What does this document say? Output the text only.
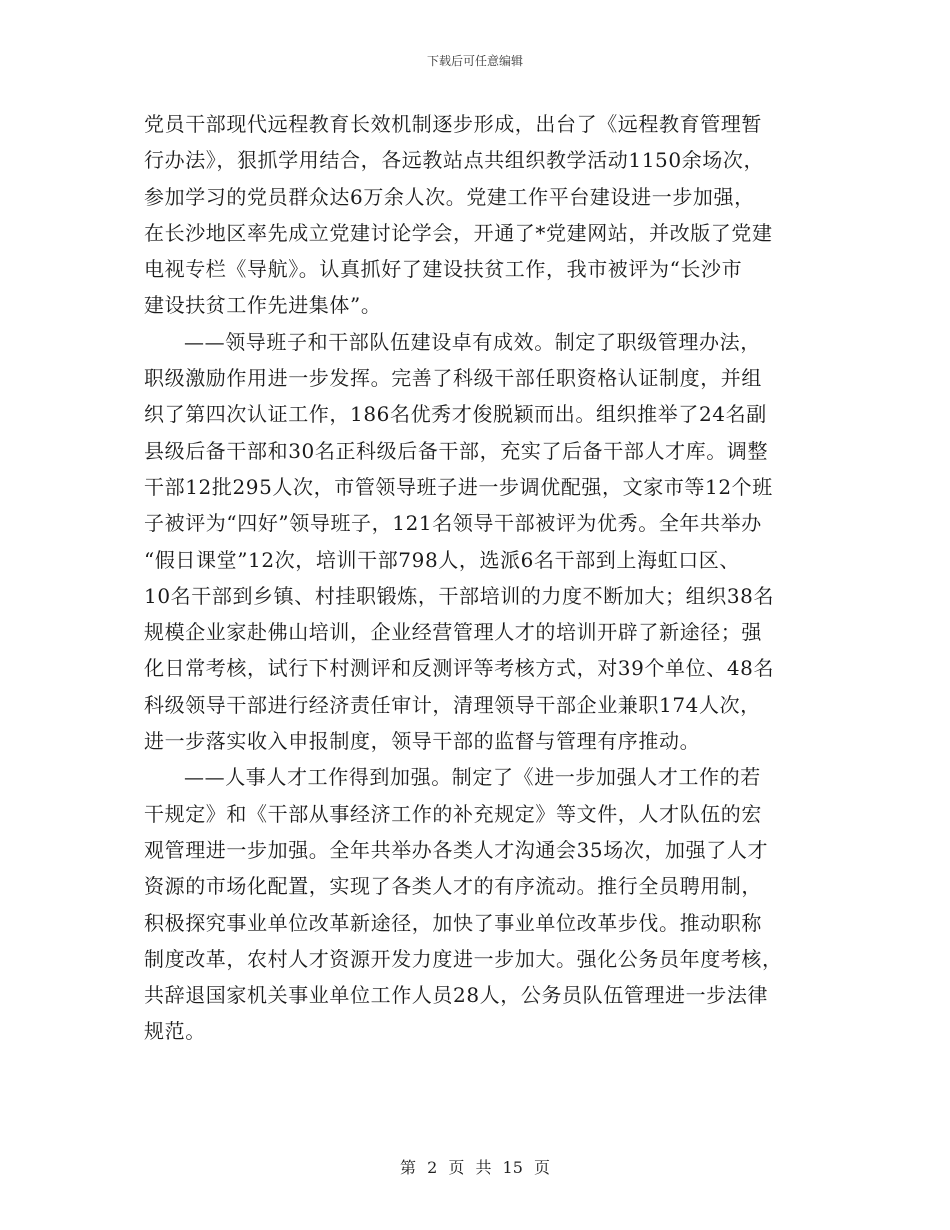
下载后可任意编辑
党员干部现代远程教育长效机制逐步形成，出台了《远程教育管理暂
行办法》，狠抓学用结合，各远教站点共组织教学活动1150余场次，
参加学习的党员群众达6万余人次。党建工作平台建设进一步加强，
在长沙地区率先成立党建讨论学会，开通了*党建网站，并改版了党建
电视专栏《导航》。认真抓好了建设扶贫工作，我市被评为“长沙市
建设扶贫工作先进集体”。
——领导班子和干部队伍建设卓有成效。制定了职级管理办法，
职级激励作用进一步发挥。完善了科级干部任职资格认证制度，并组
织了第四次认证工作，186名优秀才俊脱颖而出。组织推举了24名副
县级后备干部和30名正科级后备干部，充实了后备干部人才库。调整
干部12批295人次，市管领导班子进一步调优配强，文家市等12个班
子被评为“四好”领导班子，121名领导干部被评为优秀。全年共举办
“假日课堂”12次，培训干部798人，选派6名干部到上海虹口区、
10名干部到乡镇、村挂职锻炼，干部培训的力度不断加大；组织38名
规模企业家赴佛山培训，企业经营管理人才的培训开辟了新途径；强
化日常考核，试行下村测评和反测评等考核方式，对39个单位、48名
科级领导干部进行经济责任审计，清理领导干部企业兼职174人次，
进一步落实收入申报制度，领导干部的监督与管理有序推动。
——人事人才工作得到加强。制定了《进一步加强人才工作的若
干规定》和《干部从事经济工作的补充规定》等文件，人才队伍的宏
观管理进一步加强。全年共举办各类人才沟通会35场次，加强了人才
资源的市场化配置，实现了各类人才的有序流动。推行全员聘用制，
积极探究事业单位改革新途径，加快了事业单位改革步伐。推动职称
制度改革，农村人才资源开发力度进一步加大。强化公务员年度考核，
共辞退国家机关事业单位工作人员28人，公务员队伍管理进一步法律
规范。
第 2 页 共 15 页
